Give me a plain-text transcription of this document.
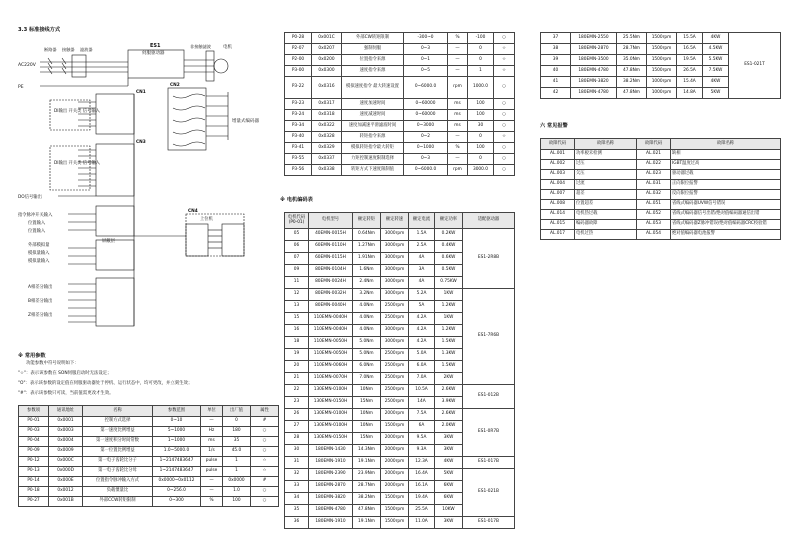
3.3 标准接线方式
AC220V
PE
断路器 接触器 滤波器
ES1
伺服驱动器
非接触滤波	电机
增量式编码器
CN1
CN2
CN3
CN4
DI输出 开关类 信号输入
DI输出 开关类 信号输入
DO信号输出
指令脉冲开关输入
位置输入
位置输入
外部模拟量
模拟量输入
模拟量输入
屏蔽层
A相差分输出
B相差分输出
Z相差分输出
上位机
※ 常用参数
功能参数中符号说明如下：
"☆"：表示该参数在 SON伺服启动时无法设定；
"O"：表示该参数的设定值在伺服驱动器处于停机、运行状态中，均可更改，并立刻生效；
"#"：表示该参数只可读，当前值需更改才生效。
参数项	通讯地址	名称	参数范围	单位	出厂值	属性
P0-01	0x0001	控制方式选择	0~10	—	0	#
P0-03	0x0003	第一速度比例增益	5~1000	Hz	180	○
P0-04	0x0004	第一速度积分时间常数	1~1000	ms	35	○
P0-09	0x0009	第一位置比例增益	1.0~5000.0	1/s	45.0	○
P0-12	0x000C	第一电子齿轮比分子	1~2147483647	pulse	1	☆
P0-13	0x000D	第一电子齿轮比分母	1~2147483647	pulse	1	☆
P0-14	0x000E	位置指令脉冲输入方式	0x0000~0x0112	—	0x0000	#
P0-18	0x0012	负载惯量比	0~256.0	—	1.0	○
P0-27	0x001B	外部CCW转矩限制	0~300	%	100	○
P0-28	0x001C	外部CW转矩限制	-300~0	%	-100	○
P2-07	0x0207	强制伺服	0~3	—	0	☆
P2-00	0x0200	位置指令来源	0~1	—	0	☆
P3-00	0x0300	速度指令来源	0~5	—	1	☆
P3-22	0x0316	模拟速度指令 最大转速设置	0~6000.0	rpm	1000.0	○
P3-23	0x0317	速度加速时间	0~60000	ms	100	○
P3-24	0x0318	速度减速时间	0~60000	ms	100	○
P3-34	0x0322	速度加减速平滑滤波时间	0~3000	ms	30	○
P3-40	0x0328	转矩指令来源	0~2	—	0	☆
P3-41	0x0329	模拟转矩指令最大转矩	0~1000	%	100	○
P3-55	0x0337	力矩控制速度限制选择	0~3	—	0	○
P3-56	0x0338	转矩方式下速度限制值	0~6000.0	rpm	3000.0	○
※ 电机编码表
电机代码 (P0-01)	电机型号	额定转矩	额定转速	额定电流	额定功率	适配驱动器
05	40EMN-0015H	0.64Nm	3000rpm	1.5A	0.2KW	ES1-2R8B
06	60EMN-0110H	1.27Nm	3000rpm	2.5A	0.4KW	
07	60EMN-0115H	1.91Nm	3000rpm	4A	0.6KW	
09	80EMN-0104H	1.6Nm	3000rpm	3A	0.5KW	
11	80EMN-0024H	2.4Nm	3000rpm	4A	0.75KW	
12	80EMN-0032H	3.2Nm	3000rpm	5.2A	1KW	ES1-7R6B
13	80EMN-0040H	4.0Nm	2500rpm	5A	1.2KW	
15	110EMN-0040H	4.0Nm	2500rpm	4.2A	1KW	
16	110EMN-0040H	4.0Nm	3000rpm	4.2A	1.2KW	
18	110EMN-0050H	5.0Nm	3000rpm	4.2A	1.5KW	
19	110EMN-0050H	5.0Nm	2500rpm	5.0A	1.3KW	
20	110EMN-0060H	6.0Nm	2500rpm	6.0A	1.5KW	
21	110EMN-0070H	7.0Nm	2500rpm	7.0A	2KW	
22	130EMN-0100H	10Nm	2500rpm	10.5A	2.6KW	ES1-012B
23	130EMN-0150H	15Nm	2500rpm	14A	3.9KW	
26	130EMN-0100H	10Nm	2000rpm	7.5A	2.6KW	ES1-0R7B
27	130EMN-0100H	10Nm	1500rpm	6A	2.0KW	
28	130EMN-0150H	15Nm	2000rpm	9.5A	3KW	
30	180EMN-1430	14.3Nm	2000rpm	9.3A	3KW	
31	180EMN-1910	19.1Nm	2000rpm	12.3A	4KW	ES1-017B
32	180EMN-2390	23.9Nm	2000rpm	16.4A	5KW	ES1-021B
33	180EMN-2870	28.7Nm	2000rpm	16.1A	6KW	
34	180EMN-3820	38.2Nm	1500rpm	19.4A	6KW	
35	180EMN-4780	47.8Nm	1500rpm	25.5A	10KW	
36	180EMN-1910	19.1Nm	1500rpm	11.0A	3KW	ES1-017B
37	180EMN-2550	25.5Nm	1500rpm	15.5A	4KW	ES1-021T
38	180EMN-2870	28.7Nm	1500rpm	16.5A	4.5KW	
39	180EMN-3500	35.0Nm	1500rpm	19.5A	5.5KW	
40	180EMN-4780	47.8Nm	1500rpm	26.5A	7.5KW	
41	180EMN-3820	38.2Nm	1000rpm	15.4A	4KW	
42	180EMN-4780	47.8Nm	1000rpm	14.8A	5KW	
六 常见报警
故障代码	故障名称	故障代码	故障名称
AL.001	功率板未检测	AL.021	缺相
AL.002	过压	AL.022	IGBT温度过高
AL.003	欠压	AL.023	驱动器过载
AL.004	过流	AL.031	正向限位报警
AL.007	超差	AL.032	反向限位报警
AL.008	位置超差	AL.051	省线式编码器UVW信号错误
AL.014	电机热过载	AL.052	省线式编码器信号出错/绝对值编码器通信出错
AL.015	编码器故障	AL.053	省线式编码器Z脉冲错误/绝对值编码器CRC校验错
AL.017	电机过热	AL.054	绝对值编码器电池报警
